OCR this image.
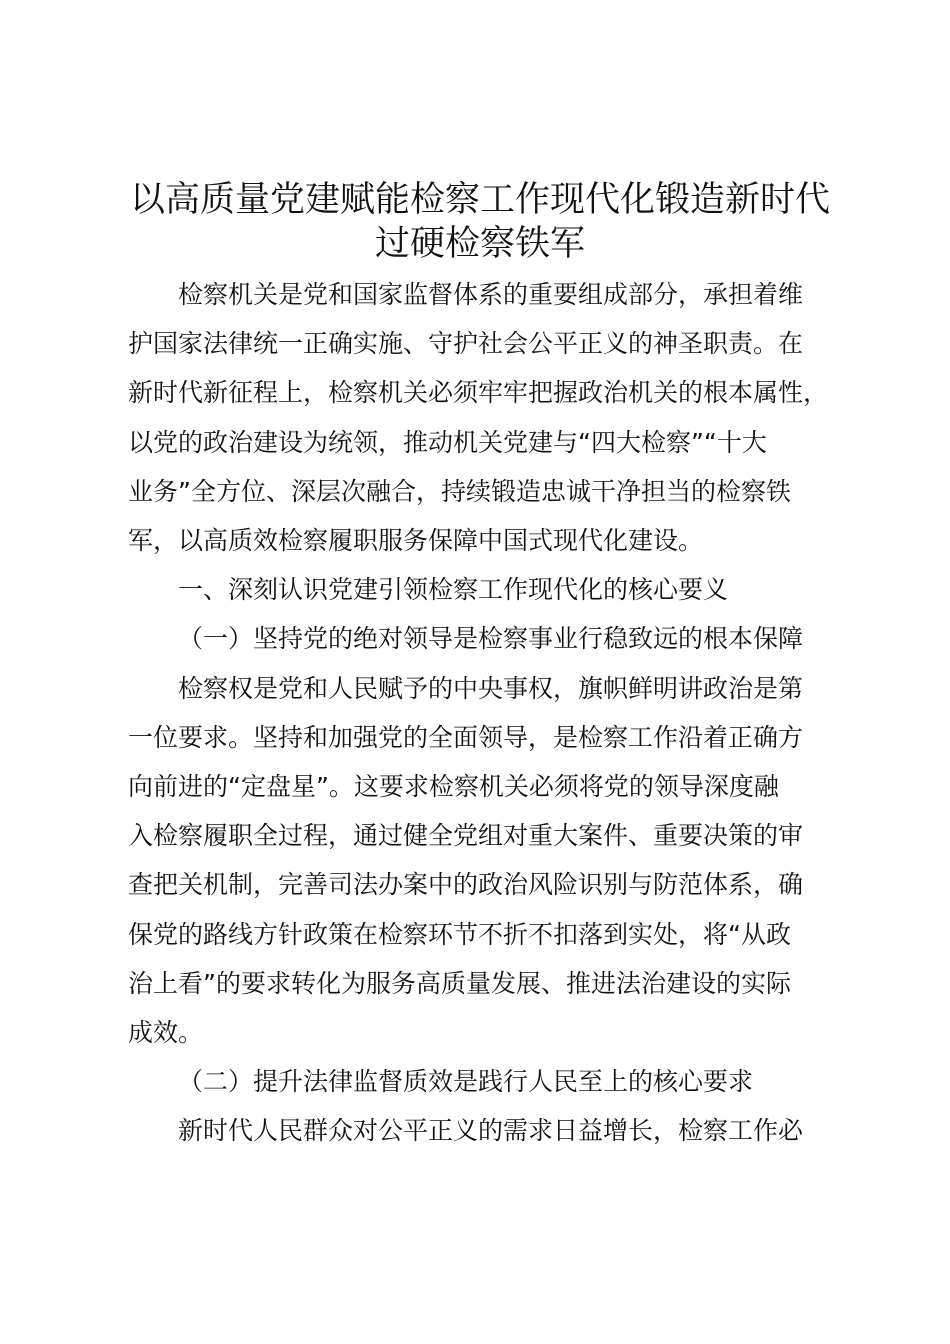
以高质量党建赋能检察工作现代化锻造新时代
过硬检察铁军

检察机关是党和国家监督体系的重要组成部分，承担着维
护国家法律统一正确实施、守护社会公平正义的神圣职责。在
新时代新征程上，检察机关必须牢牢把握政治机关的根本属性，
以党的政治建设为统领，推动机关党建与“四大检察”“十大
业务”全方位、深层次融合，持续锻造忠诚干净担当的检察铁
军，以高质效检察履职服务保障中国式现代化建设。

一、深刻认识党建引领检察工作现代化的核心要义

（一）坚持党的绝对领导是检察事业行稳致远的根本保障

检察权是党和人民赋予的中央事权，旗帜鲜明讲政治是第
一位要求。坚持和加强党的全面领导，是检察工作沿着正确方
向前进的“定盘星”。这要求检察机关必须将党的领导深度融
入检察履职全过程，通过健全党组对重大案件、重要决策的审
查把关机制，完善司法办案中的政治风险识别与防范体系，确
保党的路线方针政策在检察环节不折不扣落到实处，将“从政
治上看”的要求转化为服务高质量发展、推进法治建设的实际
成效。

（二）提升法律监督质效是践行人民至上的核心要求

新时代人民群众对公平正义的需求日益增长，检察工作必
